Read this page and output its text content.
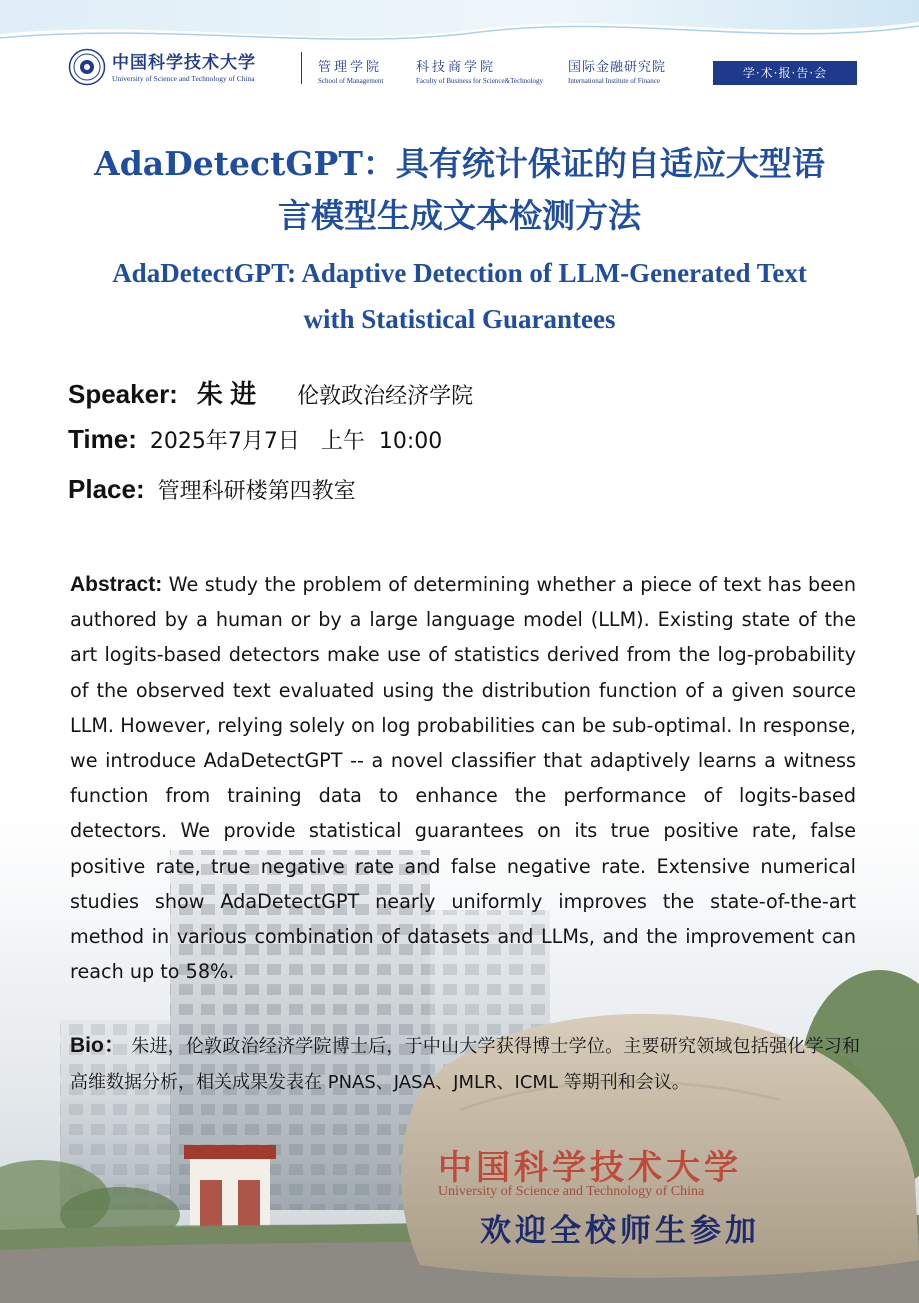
中国科学技术大学
University of Science and Technology of China
管理学院
School of Management
科技商学院
Faculty of Business for Science&Technology
国际金融研究院
International Institute of Finance
学·术·报·告·会
AdaDetectGPT：具有统计保证的自适应大型语
言模型生成文本检测方法
AdaDetectGPT: Adaptive Detection of LLM-Generated Text
with Statistical Guarantees
Speaker: 朱 进 伦敦政治经济学院
Time: 2025年7月7日   上午  10:00
Place: 管理科研楼第四教室

Abstract: We study the problem of determining whether a piece of text has been authored by a human or by a large language model (LLM). Existing state of the art logits-based detectors make use of statistics derived from the log-probability of the observed text evaluated using the distribution function of a given source LLM. However, relying solely on log probabilities can be sub-optimal. In response, we introduce AdaDetectGPT -- a novel classifier that adaptively learns a witness function from training data to enhance the performance of logits-based detectors. We provide statistical guarantees on its true positive rate, false positive rate, true negative rate and false negative rate. Extensive numerical studies show AdaDetectGPT nearly uniformly improves the state-of-the-art method in various combination of datasets and LLMs, and the improvement can reach up to 58%.

Bio： 朱进，伦敦政治经济学院博士后，于中山大学获得博士学位。主要研究领域包括强化学习和高维数据分析，相关成果发表在 PNAS、JASA、JMLR、ICML 等期刊和会议。

中国科学技术大学
University of Science and Technology of China
欢迎全校师生参加
